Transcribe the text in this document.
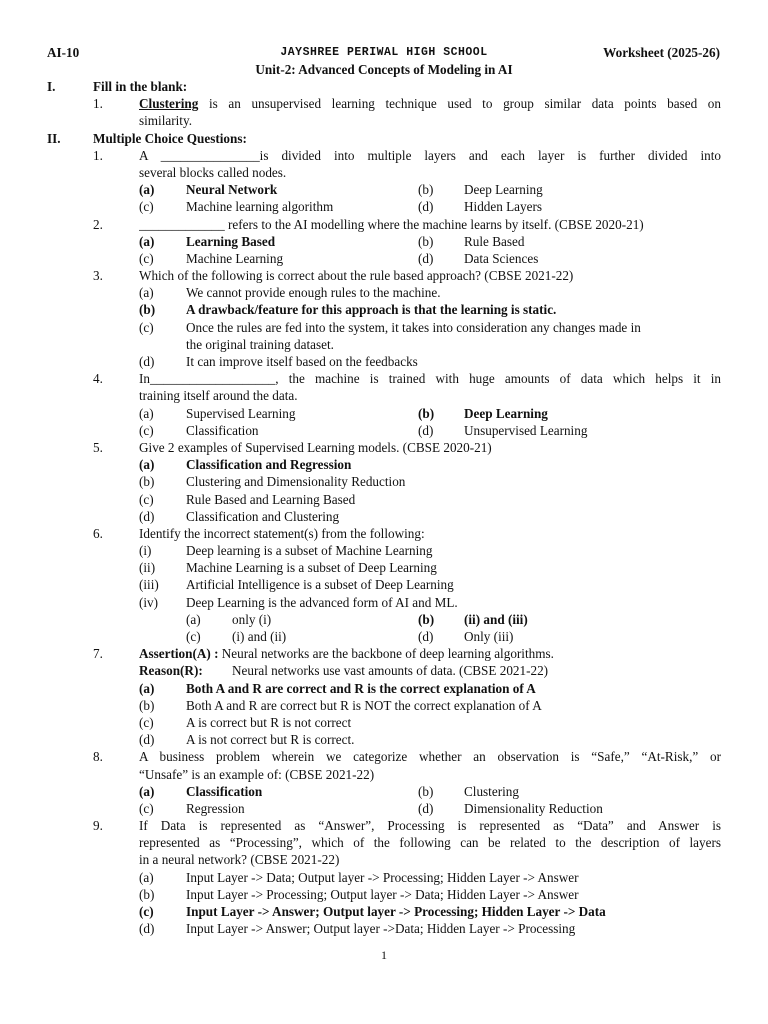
AI-10	JAYSHREE PERIWAL HIGH SCHOOL	Worksheet (2025-26)
Unit-2: Advanced Concepts of Modeling in AI
I.	Fill in the blank:
1.	Clustering is an unsupervised learning technique used to group similar data points based on
similarity.
II. Multiple Choice Questions:
1.	A _______________is divided into multiple layers and each layer is further divided into
several blocks called nodes.
(a) Neural Network	(b) Deep Learning
(c) Machine learning algorithm	(d) Hidden Layers
2.	_____________ refers to the AI modelling where the machine learns by itself. (CBSE 2020-21)
(a) Learning Based	(b) Rule Based
(c) Machine Learning	(d) Data Sciences
3.	Which of the following is correct about the rule based approach? (CBSE 2021-22)
(a) We cannot provide enough rules to the machine.
(b) A drawback/feature for this approach is that the learning is static.
(c) Once the rules are fed into the system, it takes into consideration any changes made in
the original training dataset.
(d) It can improve itself based on the feedbacks
4.	In___________________, the machine is trained with huge amounts of data which helps it in
training itself around the data.
(a) Supervised Learning	(b) Deep Learning
(c) Classification	(d) Unsupervised Learning
5.	Give 2 examples of Supervised Learning models. (CBSE 2020-21)
(a) Classification and Regression
(b) Clustering and Dimensionality Reduction
(c) Rule Based and Learning Based
(d) Classification and Clustering
6.	Identify the incorrect statement(s) from the following:
(i)	Deep learning is a subset of Machine Learning
(ii) Machine Learning is a subset of Deep Learning
(iii) Artificial Intelligence is a subset of Deep Learning
(iv) Deep Learning is the advanced form of AI and ML.
(a) only (i)	(b) (ii) and (iii)
(c) (i) and (ii)	(d) Only (iii)
7.	Assertion(A) : Neural networks are the backbone of deep learning algorithms.
Reason(R): Neural networks use vast amounts of data. (CBSE 2021-22)
(a) Both A and R are correct and R is the correct explanation of A
(b) Both A and R are correct but R is NOT the correct explanation of A
(c) A is correct but R is not correct
(d) A is not correct but R is correct.
8.	A business problem wherein we categorize whether an observation is “Safe,” “At-Risk,” or
“Unsafe” is an example of: (CBSE 2021-22)
(a) Classification	(b) Clustering
(c) Regression	(d) Dimensionality Reduction
9.	If Data is represented as “Answer”, Processing is represented as “Data” and Answer is
represented as “Processing”, which of the following can be related to the description of layers
in a neural network? (CBSE 2021-22)
(a) Input Layer -> Data; Output layer -> Processing; Hidden Layer -> Answer
(b) Input Layer -> Processing; Output layer -> Data; Hidden Layer -> Answer
(c) Input Layer -> Answer; Output layer -> Processing; Hidden Layer -> Data
(d) Input Layer -> Answer; Output layer ->Data; Hidden Layer -> Processing
1
